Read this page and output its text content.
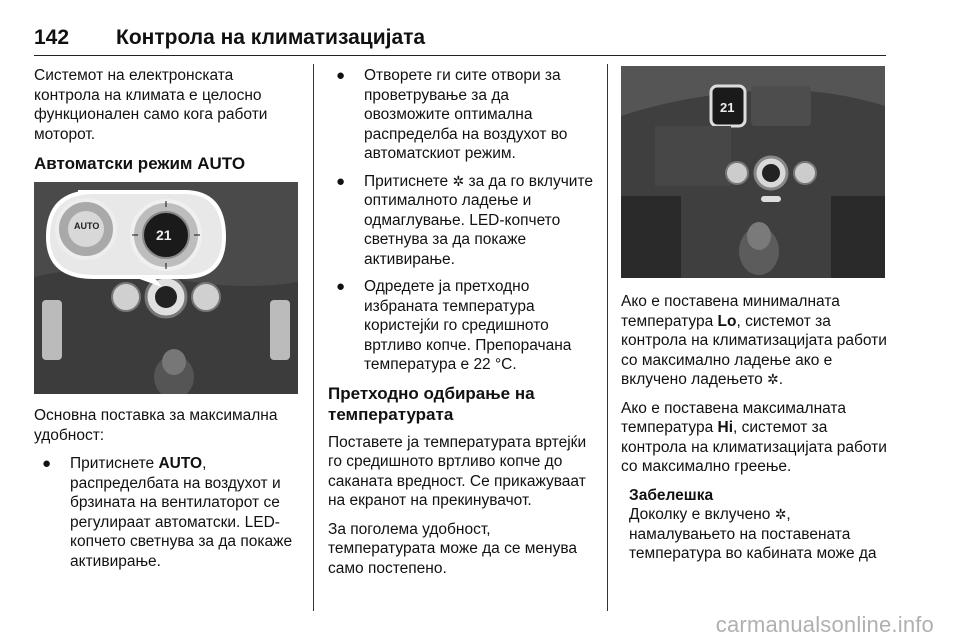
142 Контрола на климатизацијата

Системот на електронската контрола на климата е целосно функционален само кога работи моторот.

Автоматски режим AUTO
AUTO
21

Основна поставка за максимална удобност:

● Притиснете AUTO, распределбата на воздухот и брзината на вентилаторот се регулираат автоматски. LED-копчето светнува за да покаже активирање.
● Отворете ги сите отвори за проветрување за да овозможите оптимална распределба на воздухот во автоматскиот режим.
● Притиснете ✲ за да го вклучите оптималното ладење и одмаглување. LED-копчето светнува за да покаже активирање.
● Одредете ја претходно избраната температура користејќи го средишното вртливо копче. Препорачана температура е 22 °C.
Претходно одбирање на температурата

Поставете ја температурата вртејќи го средишното вртливо копче до саканата вредност. Се прикажуваат на екранот на прекинувачот.

За поголема удобност, температурата може да се менува само постепено.

21

Ако е поставена минималната температура Lo, системот за контрола на климатизацијата работи со максимално ладење ако е вклучено ладењето ✲.

Ако е поставена максималната температура Hi, системот за контрола на климатизацијата работи со максимално греење.

Забелешка
Доколку е вклучено ✲, намалувањето на поставената температура во кабината може да
carmanualsonline.info
